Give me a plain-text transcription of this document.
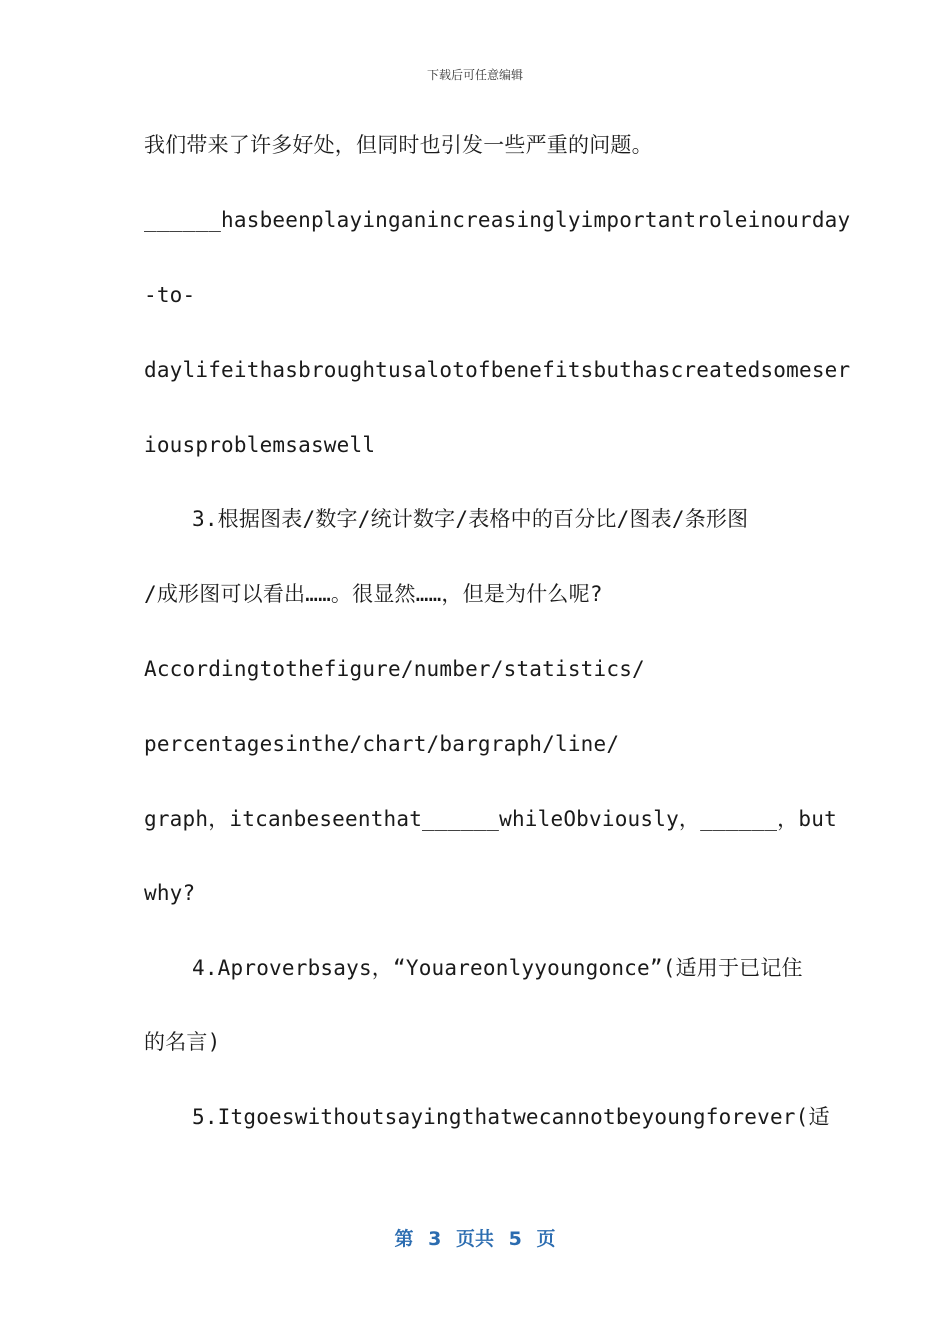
下载后可任意编辑
我们带来了许多好处，但同时也引发一些严重的问题。
______hasbeenplayinganincreasinglyimportantroleinourday
-to-
daylifeithasbroughtusalotofbenefitsbuthascreatedsomeser
iousproblemsaswell
3.根据图表/数字/统计数字/表格中的百分比/图表/条形图
/成形图可以看出……。很显然……，但是为什么呢?
Accordingtothefigure/number/statistics/
percentagesinthe/chart/bargraph/line/
graph，itcanbeseenthat______whileObviously，______，but
why?
4.Aproverbsays，“Youareonlyyoungonce”(适用于已记住
的名言)
5.Itgoeswithoutsayingthatwecannotbeyoungforever(适
第 3 页共 5 页
